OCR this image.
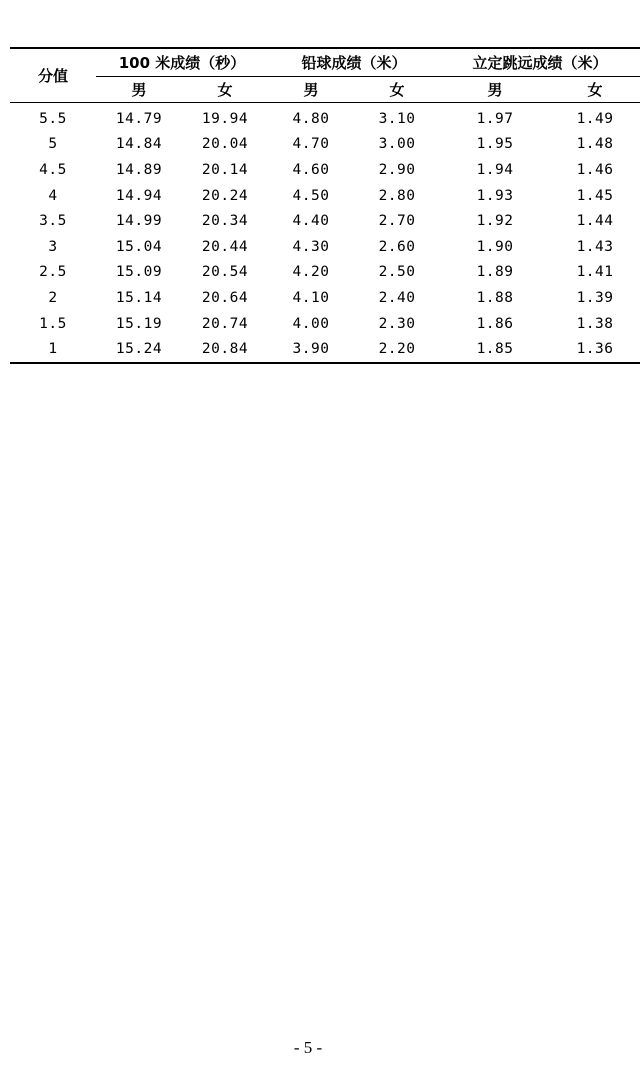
分值	100 米成绩（秒）		铅球成绩（米）		立定跳远成绩（米）	
	男	女	男	女	男	女
5.5	14.79	19.94	4.80	3.10	1.97	1.49
5	14.84	20.04	4.70	3.00	1.95	1.48
4.5	14.89	20.14	4.60	2.90	1.94	1.46
4	14.94	20.24	4.50	2.80	1.93	1.45
3.5	14.99	20.34	4.40	2.70	1.92	1.44
3	15.04	20.44	4.30	2.60	1.90	1.43
2.5	15.09	20.54	4.20	2.50	1.89	1.41
2	15.14	20.64	4.10	2.40	1.88	1.39
1.5	15.19	20.74	4.00	2.30	1.86	1.38
1	15.24	20.84	3.90	2.20	1.85	1.36
- 5 -
